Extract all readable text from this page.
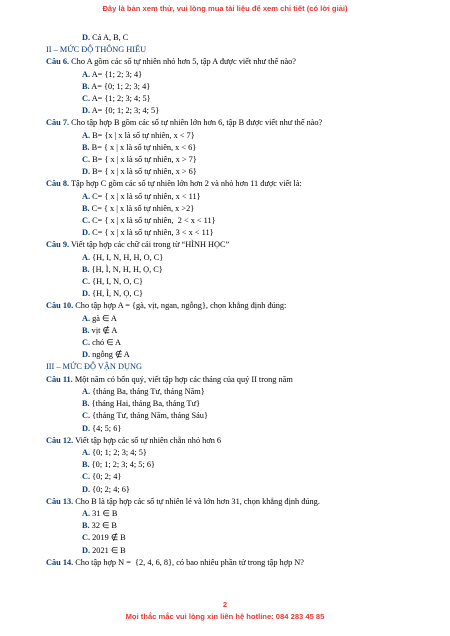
Đây là bản xem thử, vui lòng mua tài liệu để xem chi tiết (có lời giải)
D. Cả A, B, C
II – MỨC ĐỘ THÔNG HIỂU
Câu 6. Cho A gồm các số tự nhiên nhỏ hơn 5, tập A được viết như thế nào?
A. A= {1; 2; 3; 4}
B. A= {0; 1; 2; 3; 4}
C. A= {1; 2; 3; 4; 5}
D. A= {0; 1; 2; 3; 4; 5}
Câu 7. Cho tập hợp B gồm các số tự nhiên lớn hơn 6, tập B được viết như thế nào?
A. B= {x | x là số tự nhiên, x < 7}
B. B= { x | x là số tự nhiên, x < 6}
C. B= { x | x là số tự nhiên, x > 7}
D. B= { x | x là số tự nhiên, x > 6}
Câu 8. Tập hợp C gồm các số tự nhiên lớn hơn 2 và nhỏ hơn 11 được viết là:
A. C= { x | x là số tự nhiên, x < 11}
B. C= { x | x là số tự nhiên, x >2}
C. C= { x | x là số tự nhiên,  2 < x < 11}
D. C= { x | x là số tự nhiên, 3 < x < 11}
Câu 9. Viết tập hợp các chữ cái trong từ “HÌNH HỌC”
A. {H, I, N, H, H, O, C}
B. {H, Ì, N, H, H, Ọ, C}
C. {H, I, N, O, C}
D. {H, Ì, N, Ọ, C}
Câu 10. Cho tập hợp A = {gà, vịt, ngan, ngỗng}, chọn khẳng định đúng:
A. gà ∈ A
B. vịt ∉ A
C. chó ∈ A
D. ngỗng ∉ A
III – MỨC ĐỘ VẬN DỤNG
Câu 11. Một năm có bốn quý, viết tập hợp các tháng của quý II trong năm
A. {tháng Ba, tháng Tư, tháng Năm}
B. {tháng Hai, tháng Ba, tháng Tư}
C. {tháng Tư, tháng Năm, tháng Sáu}
D. {4; 5; 6}
Câu 12. Viết tập hợp các số tự nhiên chẵn nhỏ hơn 6
A. {0; 1; 2; 3; 4; 5}
B. {0; 1; 2; 3; 4; 5; 6}
C. {0; 2; 4}
D. {0; 2; 4; 6}
Câu 13. Cho B là tập hợp các số tự nhiên lẻ và lớn hơn 31, chọn khẳng định đúng.
A. 31 ∈ B
B. 32 ∈ B
C. 2019 ∉ B
D. 2021 ∈ B
Câu 14. Cho tập hợp N =  {2, 4, 6, 8}, có bao nhiêu phần tử trong tập hợp N?
2
Mọi thắc mắc vui lòng xin liên hệ hotline: 084 283 45 85
